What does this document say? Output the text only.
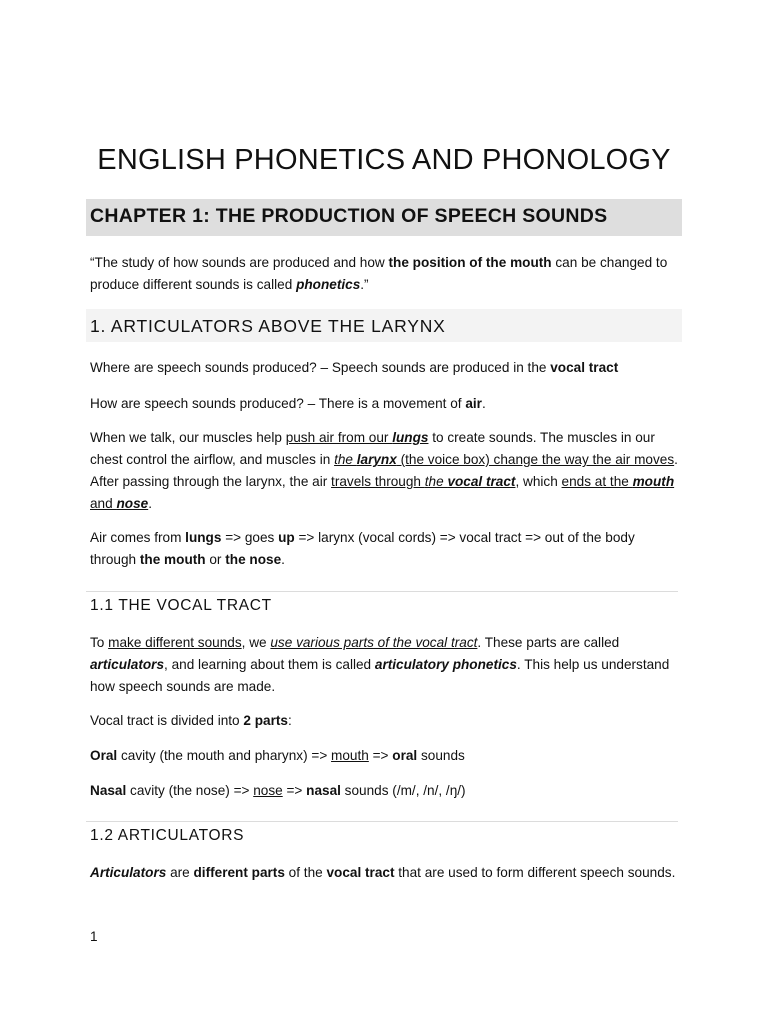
ENGLISH PHONETICS AND PHONOLOGY
CHAPTER 1: THE PRODUCTION OF SPEECH SOUNDS

“The study of how sounds are produced and how the position of the mouth can be changed to produce different sounds is called phonetics.”

1. ARTICULATORS ABOVE THE LARYNX

Where are speech sounds produced? – Speech sounds are produced in the vocal tract

How are speech sounds produced? – There is a movement of air.

When we talk, our muscles help push air from our lungs to create sounds. The muscles in our chest control the airflow, and muscles in the larynx (the voice box) change the way the air moves. After passing through the larynx, the air travels through the vocal tract, which ends at the mouth and nose.

Air comes from lungs => goes up => larynx (vocal cords) => vocal tract => out of the body through the mouth or the nose.

1.1 THE VOCAL TRACT

To make different sounds, we use various parts of the vocal tract. These parts are called articulators, and learning about them is called articulatory phonetics. This help us understand how speech sounds are made.

Vocal tract is divided into 2 parts:

Oral cavity (the mouth and pharynx) => mouth => oral sounds

Nasal cavity (the nose) => nose => nasal sounds (/m/, /n/, /ŋ/)

1.2 ARTICULATORS

Articulators are different parts of the vocal tract that are used to form different speech sounds.

1
